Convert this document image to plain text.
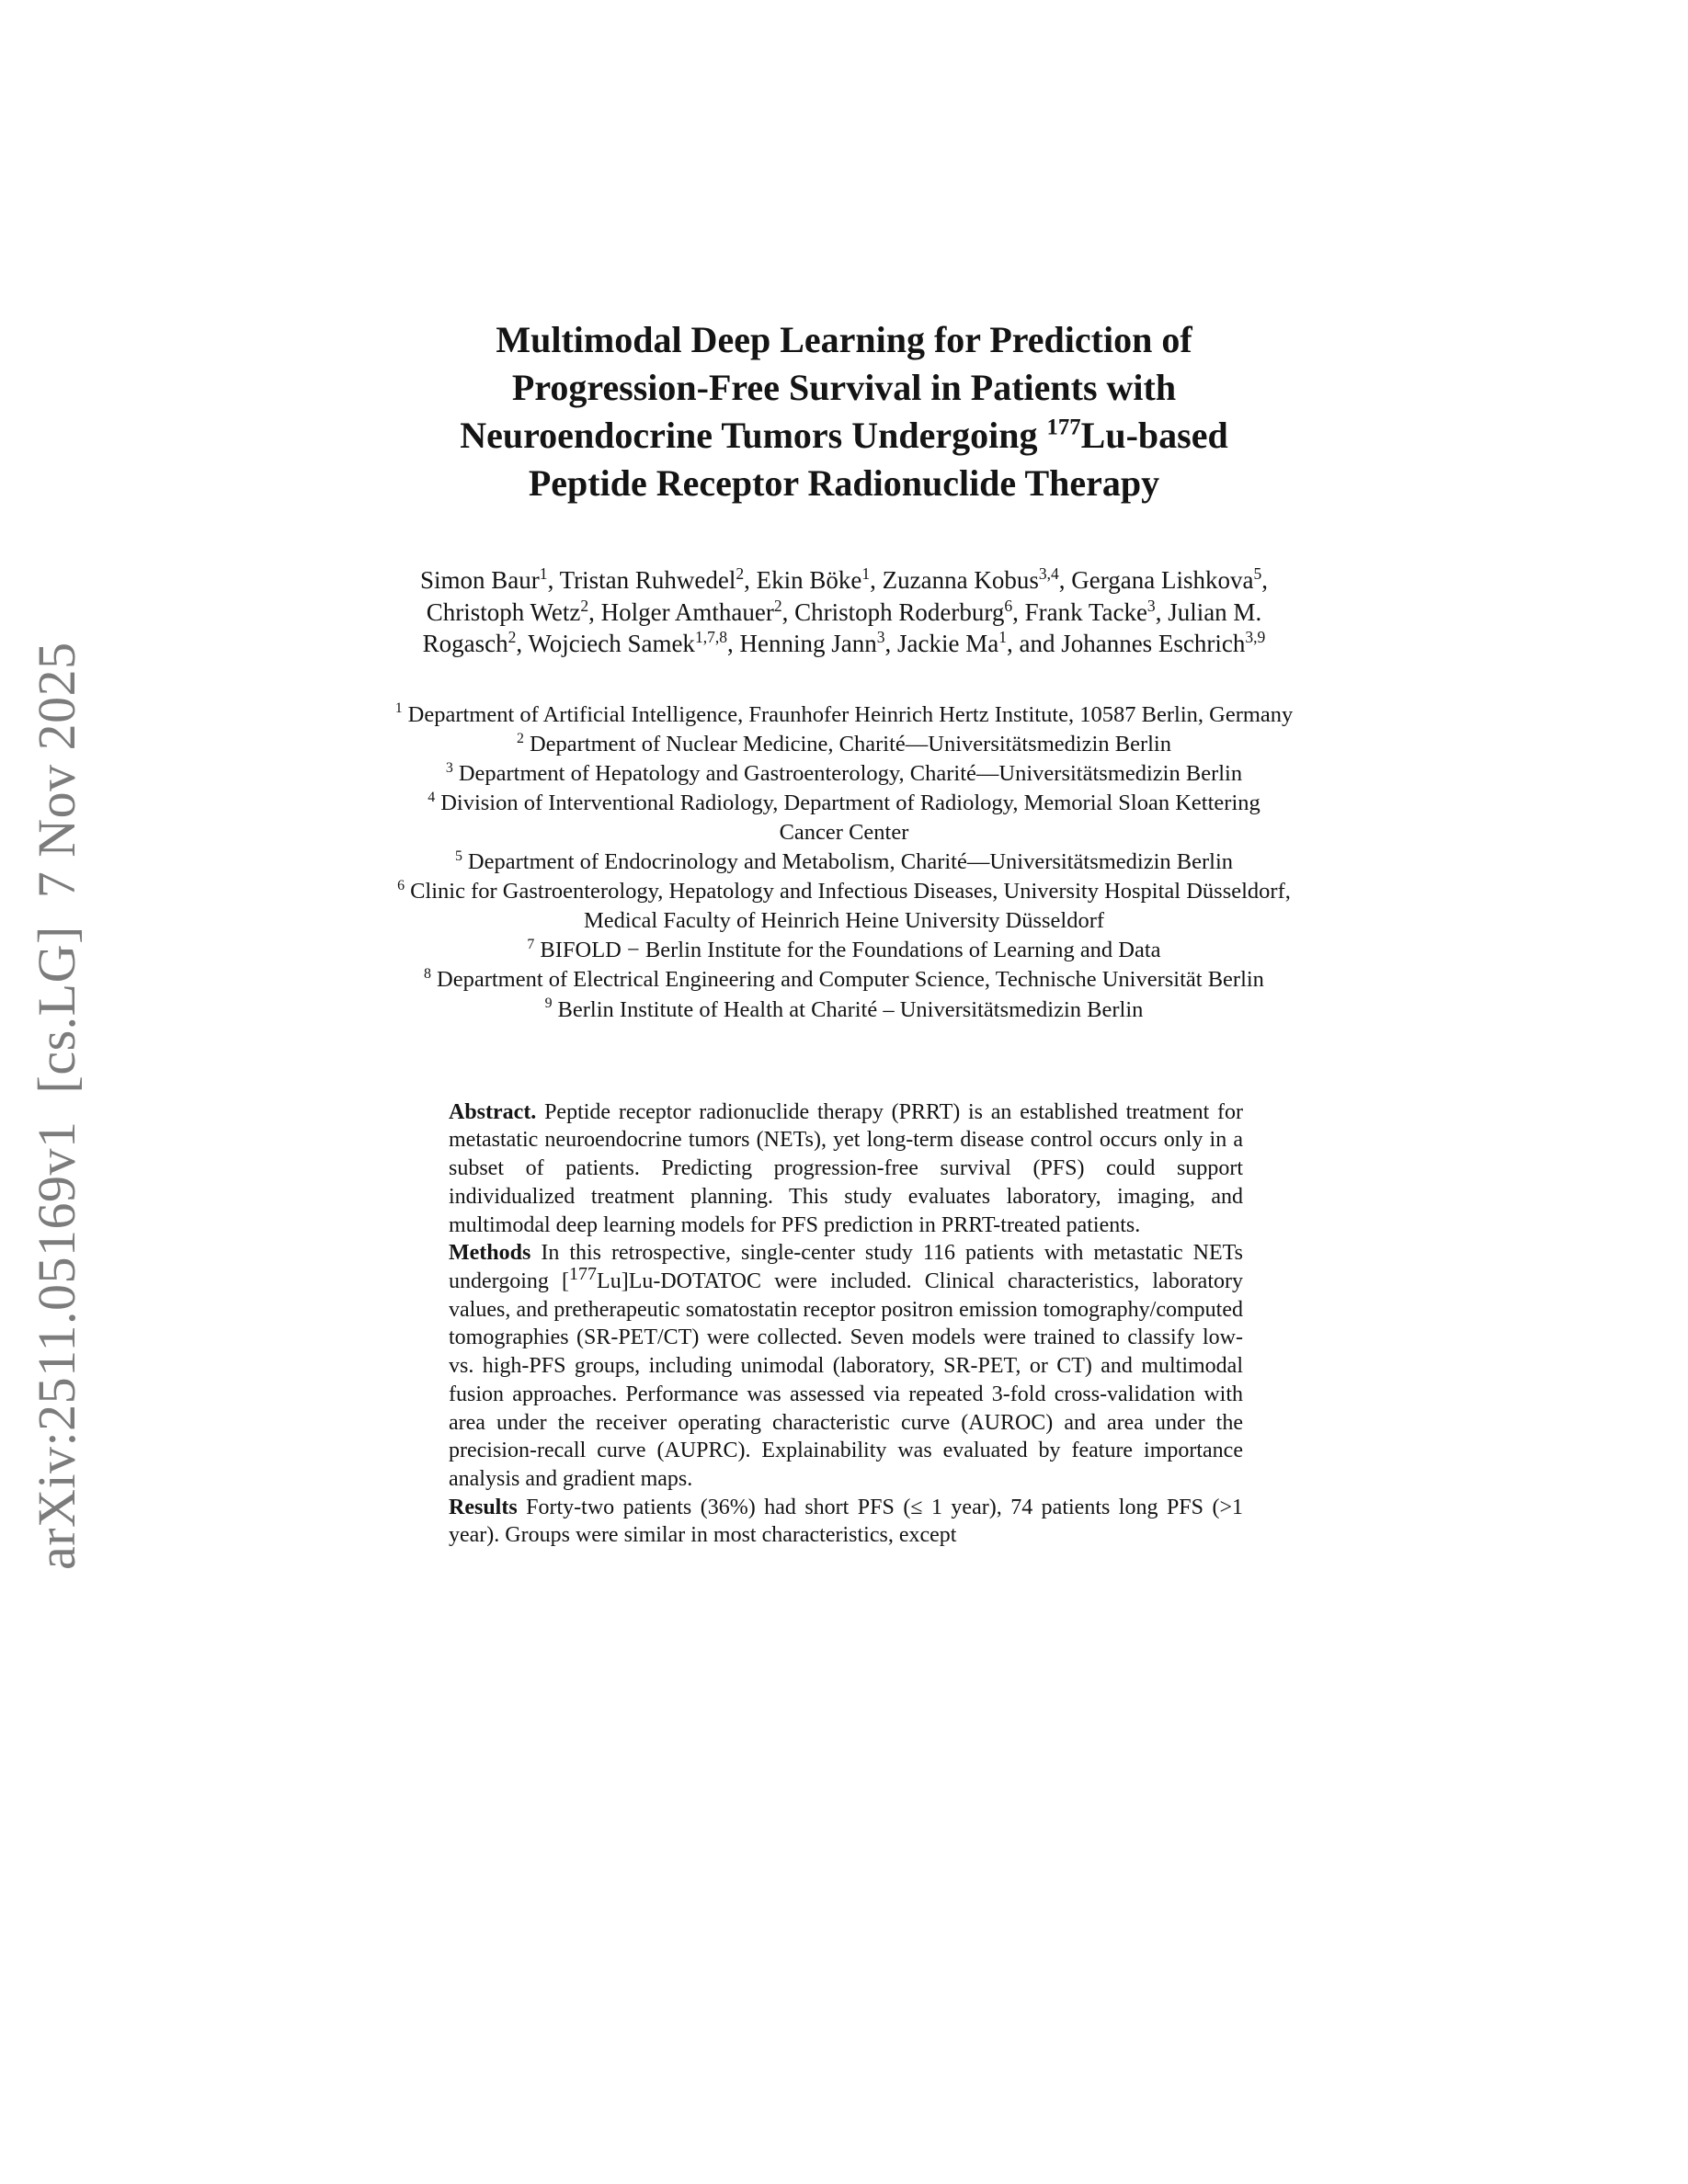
arXiv:2511.05169v1  [cs.LG]  7 Nov 2025
Multimodal Deep Learning for Prediction of
Progression-Free Survival in Patients with
Neuroendocrine Tumors Undergoing $^{177}$Lu-based
Peptide Receptor Radionuclide Therapy
Simon Baur$^1$, Tristan Ruhwedel$^2$, Ekin Böke$^1$, Zuzanna Kobus$^{3,4}$, Gergana Lishkova$^5$, Christoph Wetz$^2$, Holger Amthauer$^2$, Christoph Roderburg$^6$, Frank Tacke$^3$, Julian M. Rogasch$^2$, Wojciech Samek$^{1,7,8}$, Henning Jann$^3$, Jackie Ma$^1$, and Johannes Eschrich$^{3,9}$
$^1$ Department of Artificial Intelligence, Fraunhofer Heinrich Hertz Institute, 10587 Berlin, Germany
$^2$ Department of Nuclear Medicine, Charité—Universitätsmedizin Berlin
$^3$ Department of Hepatology and Gastroenterology, Charité—Universitätsmedizin Berlin
$^4$ Division of Interventional Radiology, Department of Radiology, Memorial Sloan Kettering Cancer Center
$^5$ Department of Endocrinology and Metabolism, Charité—Universitätsmedizin Berlin
$^6$ Clinic for Gastroenterology, Hepatology and Infectious Diseases, University Hospital Düsseldorf, Medical Faculty of Heinrich Heine University Düsseldorf
$^7$ BIFOLD − Berlin Institute for the Foundations of Learning and Data
$^8$ Department of Electrical Engineering and Computer Science, Technische Universität Berlin
$^9$ Berlin Institute of Health at Charité – Universitätsmedizin Berlin
Abstract. Peptide receptor radionuclide therapy (PRRT) is an established treatment for metastatic neuroendocrine tumors (NETs), yet long-term disease control occurs only in a subset of patients. Predicting progression-free survival (PFS) could support individualized treatment planning. This study evaluates laboratory, imaging, and multimodal deep learning models for PFS prediction in PRRT-treated patients.
Methods In this retrospective, single-center study 116 patients with metastatic NETs undergoing [$^{177}$Lu]Lu-DOTATOC were included. Clinical characteristics, laboratory values, and pretherapeutic somatostatin receptor positron emission tomography/computed tomographies (SR-PET/CT) were collected. Seven models were trained to classify low- vs. high-PFS groups, including unimodal (laboratory, SR-PET, or CT) and multimodal fusion approaches. Performance was assessed via repeated 3-fold cross-validation with area under the receiver operating characteristic curve (AUROC) and area under the precision-recall curve (AUPRC). Explainability was evaluated by feature importance analysis and gradient maps.
Results Forty-two patients (36%) had short PFS (≤ 1 year), 74 patients long PFS (>1 year). Groups were similar in most characteristics, except
